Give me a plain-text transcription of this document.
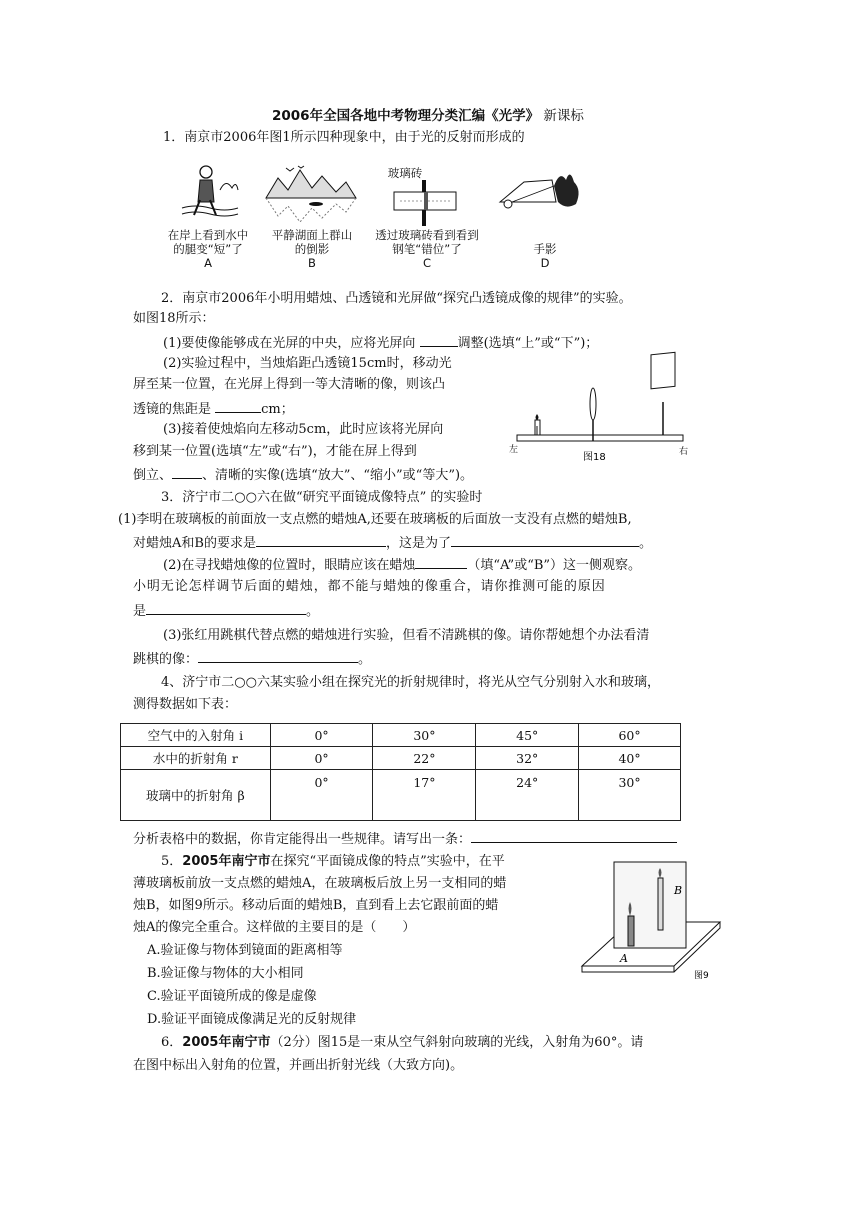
2006年全国各地中考物理分类汇编《光学》 新课标
1．南京市2006年图1所示四种现象中，由于光的反射而形成的
在岸上看到水中
的腿变“短”了
A
平静湖面上群山
的倒影
B
玻璃砖
透过玻璃砖看到看到
钢笔“错位”了
C
手影
D
2．南京市2006年小明用蜡烛、凸透镜和光屏做“探究凸透镜成像的规律”的实验。
如图18所示：
(1)要使像能够成在光屏的中央，应将光屏向	调整(选填“上”或“下”)；
(2)实验过程中，当烛焰距凸透镜15cm时，移动光
屏至某一位置，在光屏上得到一等大清晰的像，则该凸
透镜的焦距是	cm；
(3)接着使烛焰向左移动5cm，此时应该将光屏向
移到某一位置(选填“左”或“右”)，才能在屏上得到
倒立、 、清晰的实像(选填“放大”、“缩小”或“等大”)。
左	右
图18
3．济宁市二○○六在做“研究平面镜成像特点” 的实验时
(1)李明在玻璃板的前面放一支点燃的蜡烛A,还要在玻璃板的后面放一支没有点燃的蜡烛B,
对蜡烛A和B的要求是	，这是为了	。
(2)在寻找蜡烛像的位置时，眼睛应该在蜡烛	（填“A”或“B”）这一侧观察。
小明无论怎样调节后面的蜡烛，都不能与蜡烛的像重合，请你推测可能的原因
是	。
(3)张红用跳棋代替点燃的蜡烛进行实验，但看不清跳棋的像。请你帮她想个办法看清
跳棋的像：	。
4、济宁市二○○六某实验小组在探究光的折射规律时，将光从空气分别射入水和玻璃，
测得数据如下表：
空气中的入射角 i	0°	30°	45°	60°
水中的折射角 r	0°	22°	32°	40°
玻璃中的折射角 β	0°	17°	24°	30°
分析表格中的数据，你肯定能得出一些规律。请写出一条：
5．2005年南宁市在探究“平面镜成像的特点”实验中，在平
薄玻璃板前放一支点燃的蜡烛A，在玻璃板后放上另一支相同的蜡
烛B，如图9所示。移动后面的蜡烛B，直到看上去它跟前面的蜡
烛A的像完全重合。这样做的主要目的是（　　）
A.验证像与物体到镜面的距离相等
B.验证像与物体的大小相同
C.验证平面镜所成的像是虚像
D.验证平面镜成像满足光的反射规律
A
B
图9
6．2005年南宁市（2分）图15是一束从空气斜射向玻璃的光线，入射角为60°。请
在图中标出入射角的位置，并画出折射光线（大致方向)。
